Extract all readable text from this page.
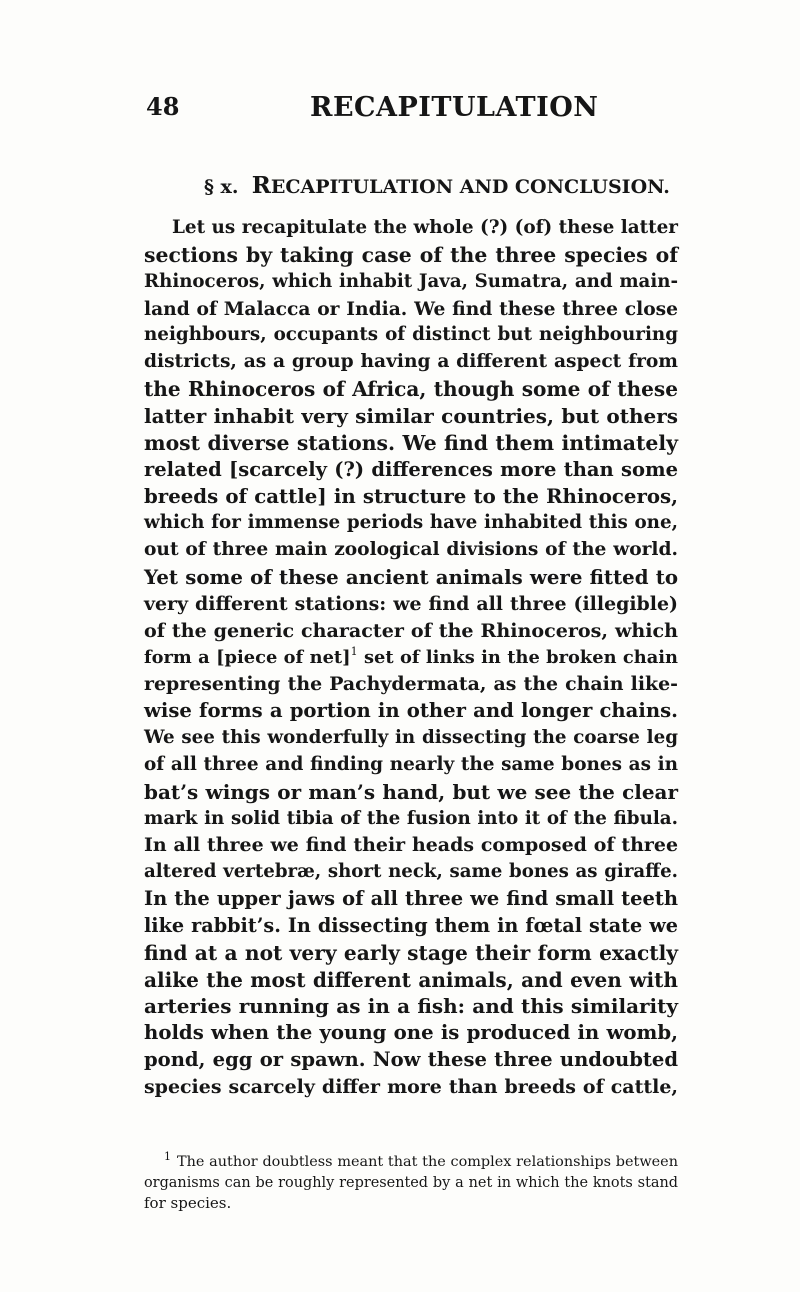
48	RECAPITULATION
§ x. RECAPITULATION AND CONCLUSION.
Let us recapitulate the whole (?) (of) these latter
sections by taking case of the three species of
Rhinoceros, which inhabit Java, Sumatra, and main-
land of Malacca or India. We find these three close
neighbours, occupants of distinct but neighbouring
districts, as a group having a different aspect from
the Rhinoceros of Africa, though some of these
latter inhabit very similar countries, but others
most diverse stations. We find them intimately
related [scarcely (?) differences more than some
breeds of cattle] in structure to the Rhinoceros,
which for immense periods have inhabited this one,
out of three main zoological divisions of the world.
Yet some of these ancient animals were fitted to
very different stations: we find all three (illegible)
of the generic character of the Rhinoceros, which
form a [piece of net]$^1$ set of links in the broken chain
representing the Pachydermata, as the chain like-
wise forms a portion in other and longer chains.
We see this wonderfully in dissecting the coarse leg
of all three and finding nearly the same bones as in
bat’s wings or man’s hand, but we see the clear
mark in solid tibia of the fusion into it of the fibula.
In all three we find their heads composed of three
altered vertebræ, short neck, same bones as giraffe.
In the upper jaws of all three we find small teeth
like rabbit’s. In dissecting them in fœtal state we
find at a not very early stage their form exactly
alike the most different animals, and even with
arteries running as in a fish: and this similarity
holds when the young one is produced in womb,
pond, egg or spawn. Now these three undoubted
species scarcely differ more than breeds of cattle,
$^1$ The author doubtless meant that the complex relationships between
organisms can be roughly represented by a net in which the knots stand
for species.
